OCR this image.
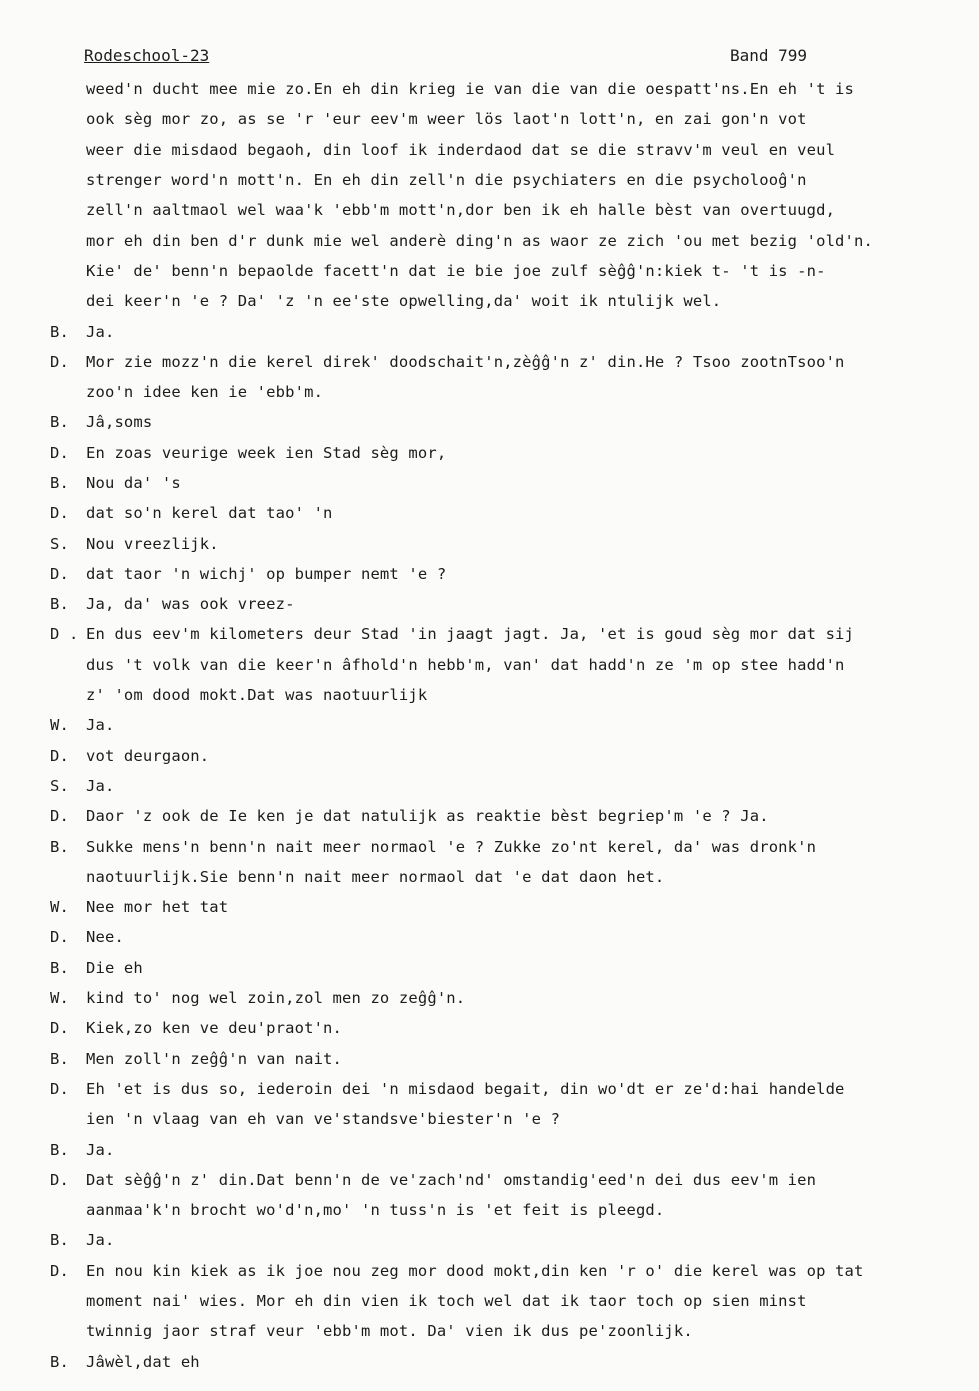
Rodeschool-23	Band 799
weed'n ducht mee mie zo.En eh din krieg ie van die van die oespatt'ns.En eh 't is
ook sèg mor zo, as se 'r 'eur eev'm weer lös laot'n lott'n, en zai gon'n vot
weer die misdaod begaoh, din loof ik inderdaod dat se die stravv'm veul en veul
strenger word'n mott'n. En eh din zell'n die psychiaters en die psycholooĝ'n
zell'n aaltmaol wel waa'k 'ebb'm mott'n,dor ben ik eh halle bèst van overtuugd,
mor eh din ben d'r dunk mie wel anderè ding'n as waor ze zich 'ou met bezig 'old'n.
Kie' de' benn'n bepaolde facett'n dat ie bie joe zulf sèĝĝ'n:kiek t- 't is -n-
dei keer'n 'e ? Da' 'z 'n ee'ste opwelling,da' woit ik ntulijk wel.
B.	Ja.
D.	Mor zie mozz'n die kerel direk' doodschait'n,zèĝĝ'n z' din.He ? Tsoo zootnTsoo'n
zoo'n idee ken ie 'ebb'm.
B.	Jâ,soms
D.	En zoas veurige week ien Stad sèg mor,
B.	Nou da' 's
D.	dat so'n kerel dat tao' 'n
S.	Nou vreezlijk.
D.	dat taor 'n wichj' op bumper nemt 'e ?
B.	Ja, da' was ook vreez-
D . En dus eev'm kilometers deur Stad 'in jaagt jagt. Ja, 'et is goud sèg mor dat sij
dus 't volk van die keer'n âfhold'n hebb'm, van' dat hadd'n ze 'm op stee hadd'n
z' 'om dood mokt.Dat was naotuurlijk
W.	Ja.
D.	vot deurgaon.
S.	Ja.
D.	Daor 'z ook de Ie ken je dat natulijk as reaktie bèst begriep'm 'e ? Ja.
B.	Sukke mens'n benn'n nait meer normaol 'e ? Zukke zo'nt kerel, da' was dronk'n
naotuurlijk.Sie benn'n nait meer normaol dat 'e dat daon het.
W.	Nee mor het tat
D.	Nee.
B.	Die eh
W.	kind to' nog wel zoin,zol men zo zeĝĝ'n.
D.	Kiek,zo ken ve deu'praot'n.
B.	Men zoll'n zeĝĝ'n van nait.
D.	Eh 'et is dus so, iederoin dei 'n misdaod begait, din wo'dt er ze'd:hai handelde
ien 'n vlaag van eh van ve'standsve'biester'n 'e ?
B.	Ja.
D.	Dat sèĝĝ'n z' din.Dat benn'n de ve'zach'nd' omstandig'eed'n dei dus eev'm ien
aanmaa'k'n brocht wo'd'n,mo' 'n tuss'n is 'et feit is pleegd.
B.	Ja.
D.	En nou kin kiek as ik joe nou zeg mor dood mokt,din ken 'r o' die kerel was op tat
moment nai' wies. Mor eh din vien ik toch wel dat ik taor toch op sien minst
twinnig jaor straf veur 'ebb'm mot. Da' vien ik dus pe'zoonlijk.
B.	Jâwèl,dat eh
